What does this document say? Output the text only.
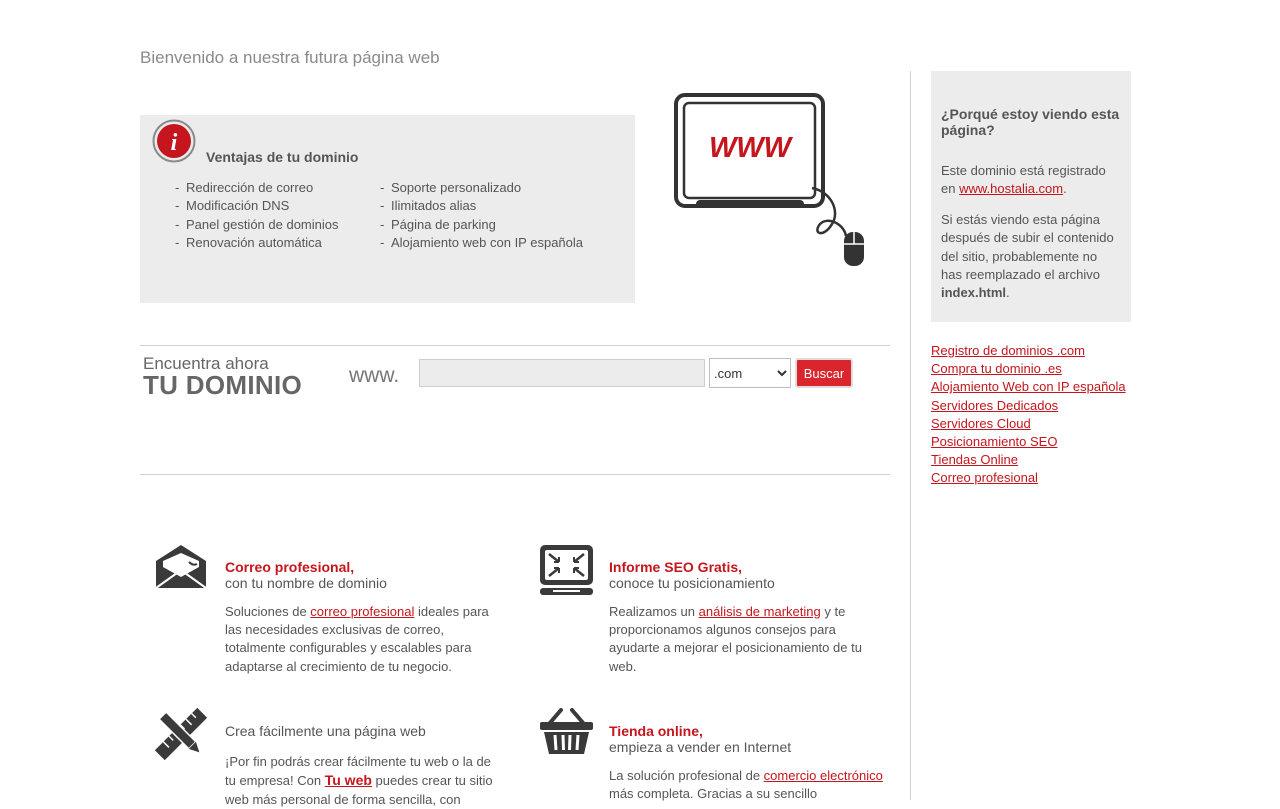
Bienvenido a nuestra futura página web
i
Ventajas de tu dominio
- Redirección de correo
- Modificación DNS
- Panel gestión de dominios
- Renovación automática
- Soporte personalizado
- Ilimitados alias
- Página de parking
- Alojamiento web con IP española
WWW
¿Porqué estoy viendo esta página?
Este dominio está registrado en www.hostalia.com.
Si estás viendo esta página después de subir el contenido del sitio, probablemente no has reemplazado el archivo index.html.
Registro de dominios .com
Compra tu dominio .es
Alojamiento Web con IP española
Servidores Dedicados
Servidores Cloud
Posicionamiento SEO
Tiendas Online
Correo profesional
Encuentra ahora
TU DOMINIO www.
.com	Buscar
Correo profesional,
con tu nombre de dominio
Soluciones de correo profesional ideales para las necesidades exclusivas de correo, totalmente configurables y escalables para adaptarse al crecimiento de tu negocio.
Informe SEO Gratis,
conoce tu posicionamiento
Realizamos un análisis de marketing y te proporcionamos algunos consejos para ayudarte a mejorar el posicionamiento de tu web.
Crea fácilmente una página web
¡Por fin podrás crear fácilmente tu web o la de tu empresa! Con Tu web puedes crear tu sitio web más personal de forma sencilla, con
Tienda online,
empieza a vender en Internet
La solución profesional de comercio electrónico más completa. Gracias a su sencillo
